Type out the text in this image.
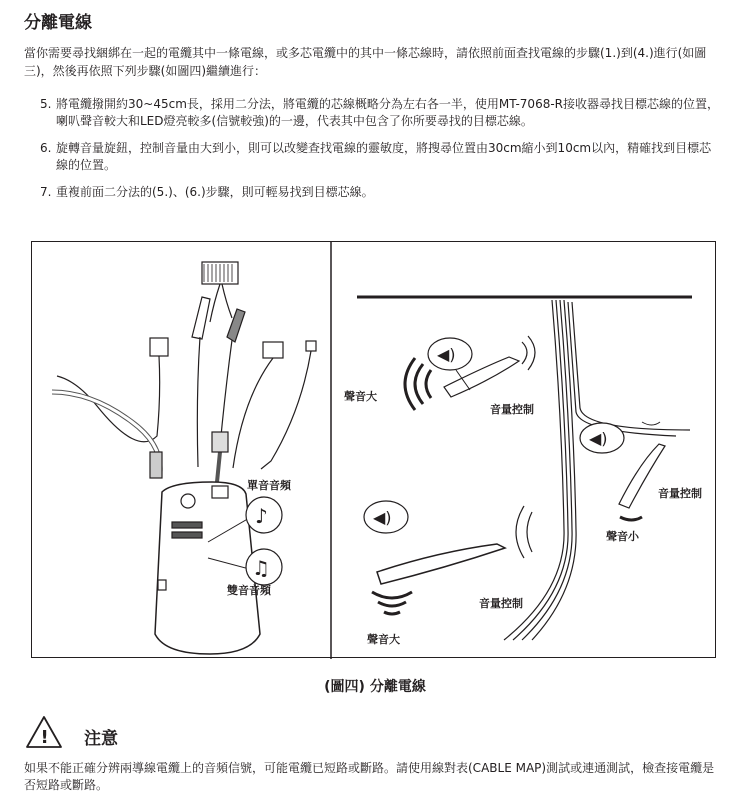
分離電線
當你需要尋找綑綁在一起的電纜其中一條電線，或多芯電纜中的其中一條芯線時，請依照前面查找電線的步驟(1.)到(4.)進行(如圖三)，然後再依照下列步驟(如圖四)繼續進行：
5. 將電纜撥開約30~45cm長，採用二分法，將電纜的芯線概略分為左右各一半，使用MT-7068-R接收器尋找目標芯線的位置，喇叭聲音較大和LED燈亮較多(信號較強)的一邊，代表其中包含了你所要尋找的目標芯線。
6. 旋轉音量旋鈕，控制音量由大到小，則可以改變查找電線的靈敏度，將搜尋位置由30cm縮小到10cm以內，精確找到目標芯線的位置。
7. 重複前面二分法的(5.)、(6.)步驟，則可輕易找到目標芯線。
♪
♫
單音音頻
雙音音頻
◀)
◀)
◀)
聲音大
音量控制
音量控制
聲音小
音量控制
聲音大
(圖四) 分離電線
! 注意
如果不能正確分辨兩導線電纜上的音頻信號，可能電纜已短路或斷路。請使用線對表(CABLE MAP)測試或連通測試，檢查接電纜是否短路或斷路。
